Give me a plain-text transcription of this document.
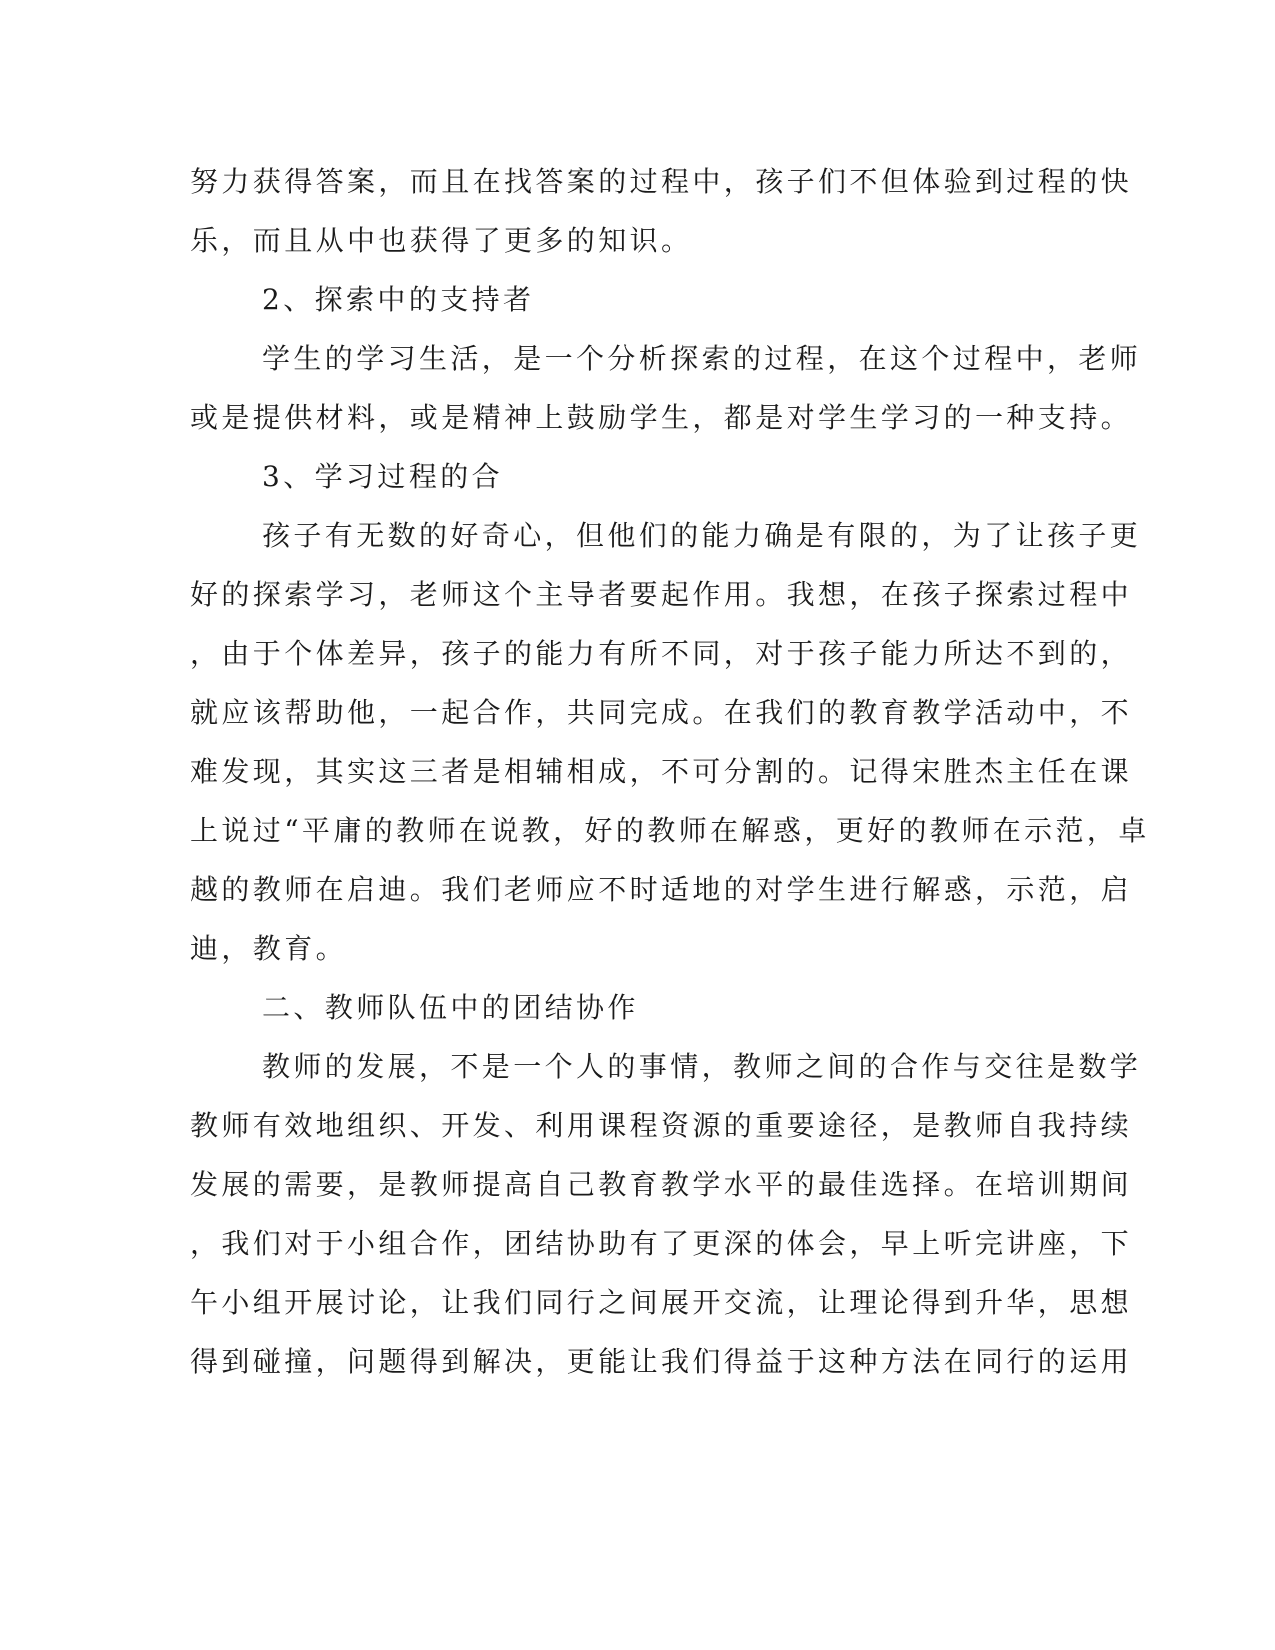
努力获得答案，而且在找答案的过程中，孩子们不但体验到过程的快
乐，而且从中也获得了更多的知识。
2、探索中的支持者
学生的学习生活，是一个分析探索的过程，在这个过程中，老师
或是提供材料，或是精神上鼓励学生，都是对学生学习的一种支持。
3、学习过程的合
孩子有无数的好奇心，但他们的能力确是有限的，为了让孩子更
好的探索学习，老师这个主导者要起作用。我想，在孩子探索过程中
，由于个体差异，孩子的能力有所不同，对于孩子能力所达不到的，
就应该帮助他，一起合作，共同完成。在我们的教育教学活动中，不
难发现，其实这三者是相辅相成，不可分割的。记得宋胜杰主任在课
上说过“平庸的教师在说教，好的教师在解惑，更好的教师在示范，卓
越的教师在启迪。我们老师应不时适地的对学生进行解惑，示范，启
迪，教育。
二、教师队伍中的团结协作
教师的发展，不是一个人的事情，教师之间的合作与交往是数学
教师有效地组织、开发、利用课程资源的重要途径，是教师自我持续
发展的需要，是教师提高自己教育教学水平的最佳选择。在培训期间
，我们对于小组合作，团结协助有了更深的体会，早上听完讲座，下
午小组开展讨论，让我们同行之间展开交流，让理论得到升华，思想
得到碰撞，问题得到解决，更能让我们得益于这种方法在同行的运用
